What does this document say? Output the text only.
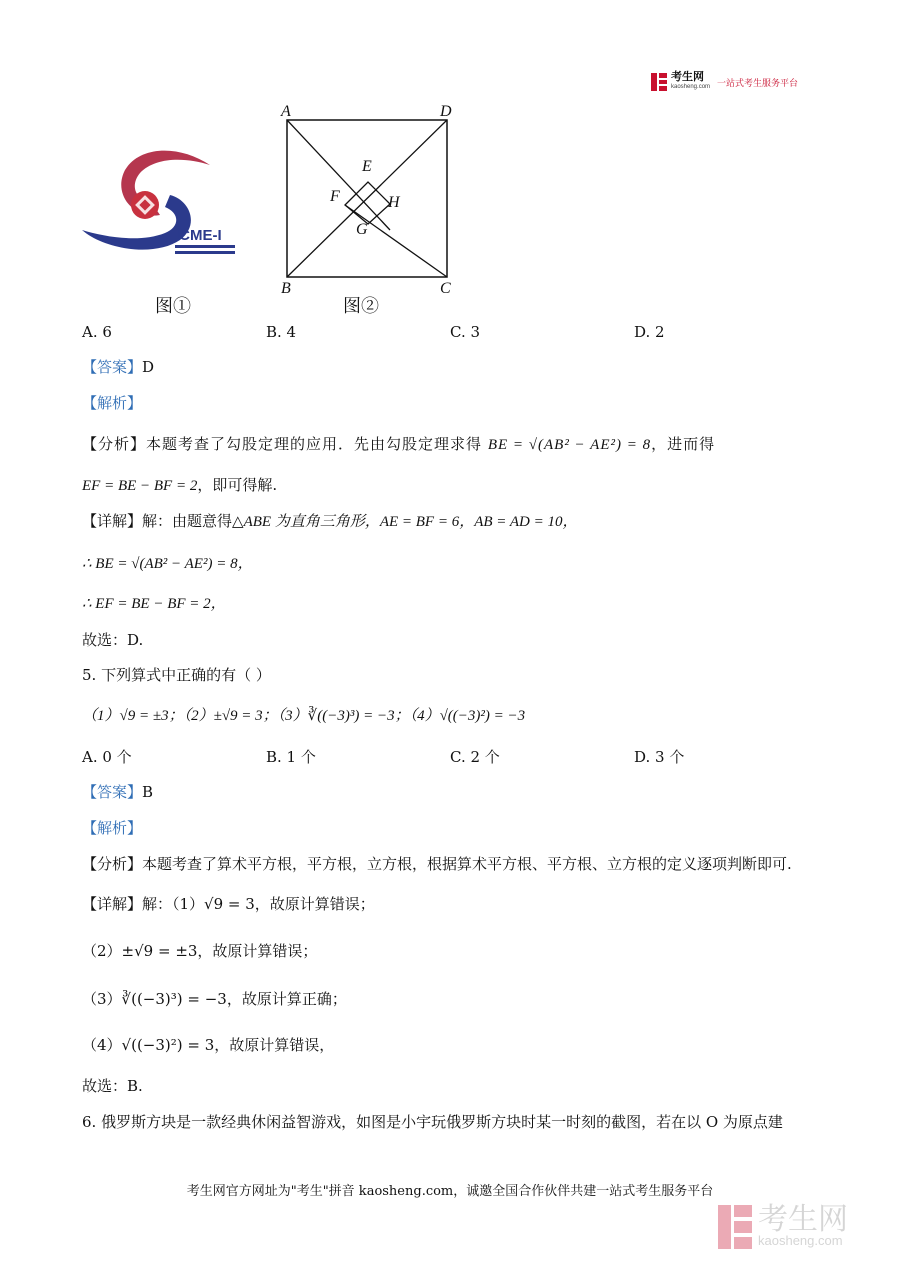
考生网
kaosheng.com 一站式考生服务平台
ICME-I
图①
A	D
B	C
E
F	H
G
图②
A. 6	B. 4	C. 3	D. 2
【答案】D
【解析】
【分析】本题考查了勾股定理的应用．先由勾股定理求得 BE = √(AB² − AE²) = 8，进而得
EF = BE − BF = 2，即可得解.
【详解】解：由题意得△ABE 为直角三角形，AE = BF = 6，AB = AD = 10，
∴ BE = √(AB² − AE²) = 8，
∴ EF = BE − BF = 2，
故选：D.
5. 下列算式中正确的有（ ）
（1）√9 = ±3；（2）±√9 = 3；（3）∛((−3)³) = −3；（4）√((−3)²) = −3
A. 0 个	B. 1 个	C. 2 个	D. 3 个
【答案】B
【解析】
【分析】本题考查了算术平方根，平方根，立方根，根据算术平方根、平方根、立方根的定义逐项判断即可.
【详解】解：（1）√9 = 3，故原计算错误；
（2）±√9 = ±3，故原计算错误；
（3）∛((−3)³) = −3，故原计算正确；
（4）√((−3)²) = 3，故原计算错误，
故选：B.
6. 俄罗斯方块是一款经典休闲益智游戏，如图是小宇玩俄罗斯方块时某一时刻的截图，若在以 O 为原点建
考生网官方网址为"考生"拼音 kaosheng.com，诚邀全国合作伙伴共建一站式考生服务平台
考生网
kaosheng.com
